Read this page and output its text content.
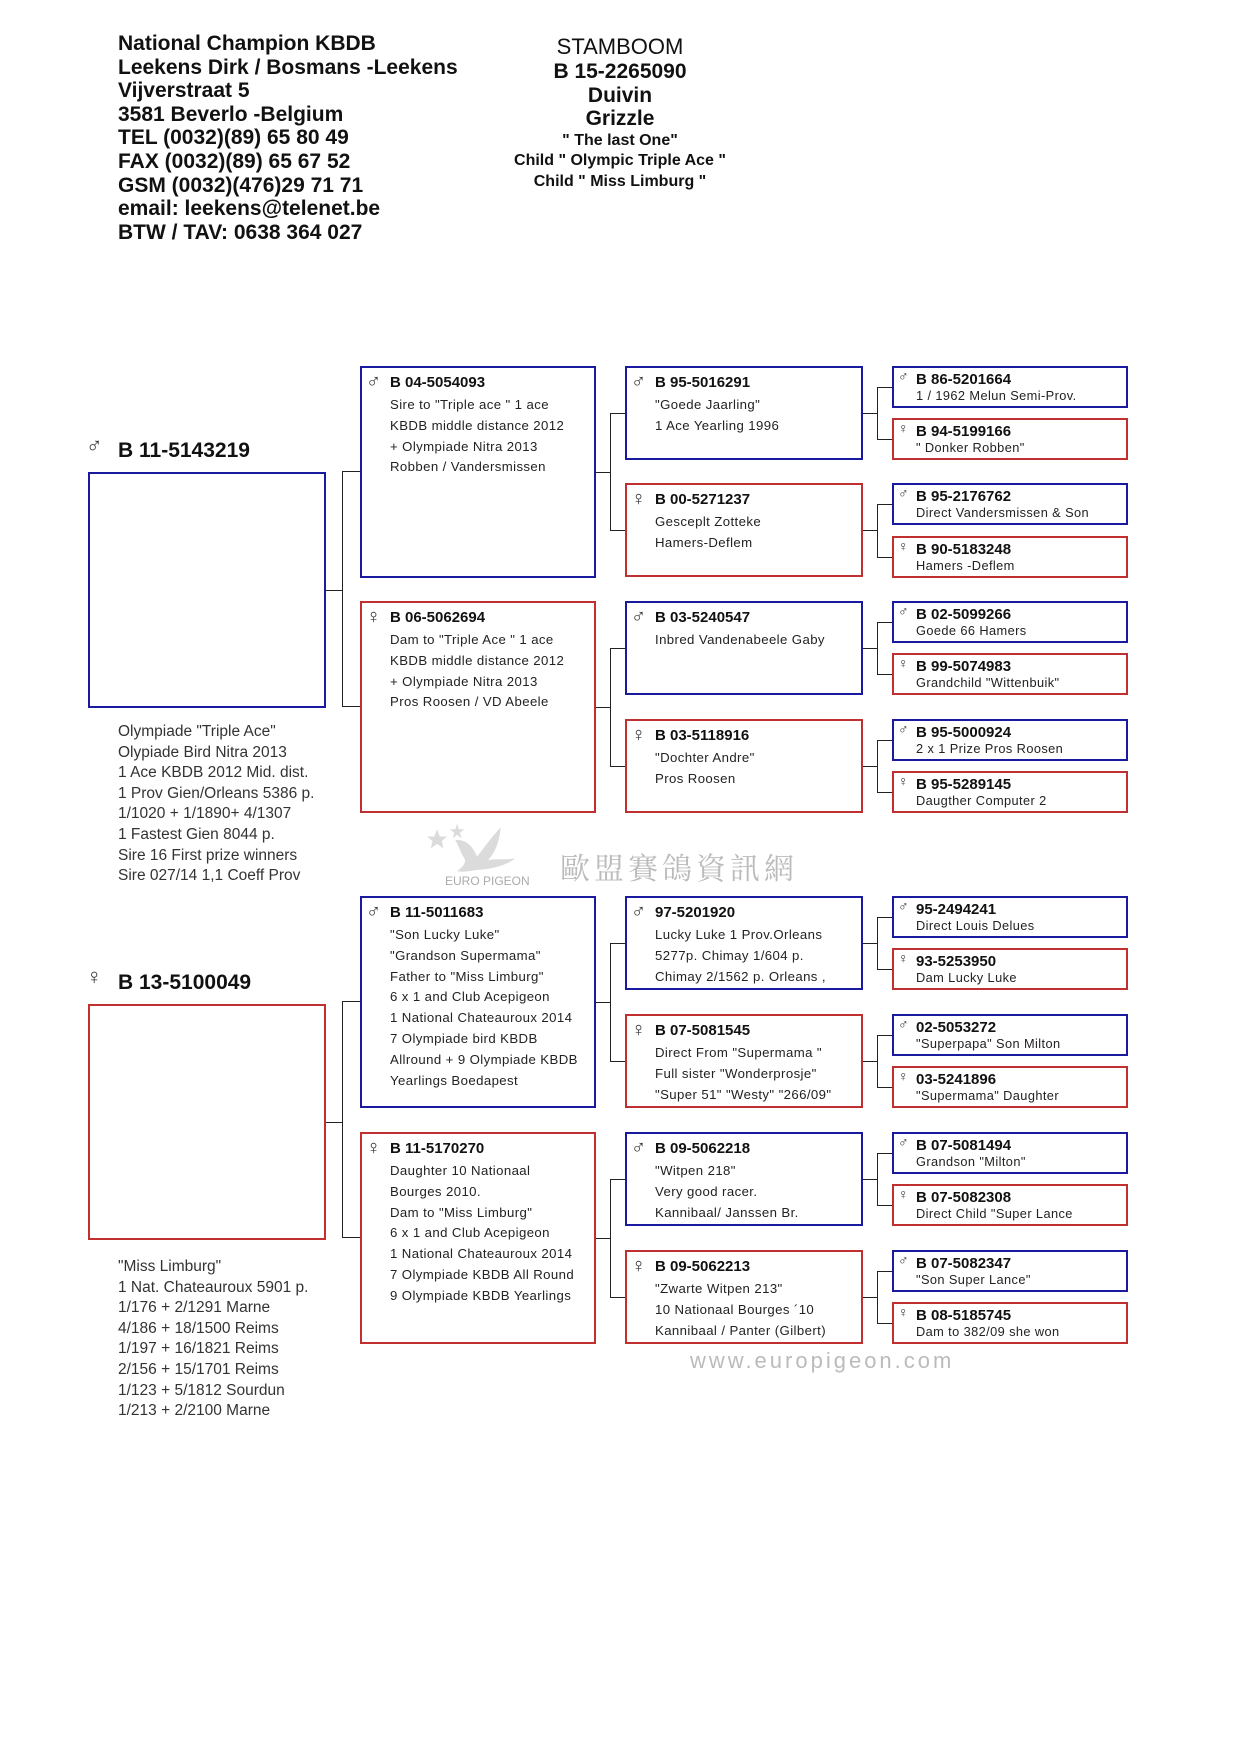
National Champion KBDB
Leekens Dirk / Bosmans -Leekens
Vijverstraat 5
3581 Beverlo -Belgium
TEL (0032)(89) 65 80 49
FAX (0032)(89) 65 67 52
GSM (0032)(476)29 71 71
email: leekens@telenet.be
BTW / TAV: 0638 364 027
STAMBOOM
B 15-2265090
Duivin
Grizzle
" The last One"
Child " Olympic Triple Ace "
Child " Miss Limburg "
♂ B 11-5143219
Olympiade "Triple Ace"
Olypiade Bird Nitra 2013
1 Ace KBDB 2012 Mid. dist.
1 Prov Gien/Orleans 5386 p.
1/1020 + 1/1890+ 4/1307
1 Fastest Gien 8044 p.
Sire 16 First prize winners
Sire 027/14 1,1 Coeff Prov
♀ B 13-5100049
"Miss Limburg"
1 Nat. Chateauroux 5901 p.
1/176 + 2/1291 Marne
4/186 + 18/1500 Reims
1/197 + 16/1821 Reims
2/156 + 15/1701 Reims
1/123 + 5/1812 Sourdun
1/213 + 2/2100 Marne
♂ B 04-5054093
Sire to "Triple ace " 1 ace
KBDB middle distance 2012
+ Olympiade Nitra 2013
Robben / Vandersmissen
♀ B 06-5062694
Dam to "Triple Ace " 1 ace
KBDB middle distance 2012
+ Olympiade Nitra 2013
Pros Roosen / VD Abeele
♂ B 11-5011683
"Son Lucky Luke"
"Grandson Supermama"
Father to "Miss Limburg"
6 x 1 and Club Acepigeon
1 National Chateauroux 2014
7 Olympiade bird KBDB
Allround + 9 Olympiade KBDB
Yearlings Boedapest
♀ B 11-5170270
Daughter 10 Nationaal
Bourges 2010.
Dam to "Miss Limburg"
6 x 1 and Club Acepigeon
1 National Chateauroux 2014
7 Olympiade KBDB All Round
9 Olympiade KBDB Yearlings
♂ B 95-5016291
"Goede Jaarling"
1 Ace Yearling 1996
♀ B 00-5271237
Gesceplt Zotteke
Hamers-Deflem
♂ B 03-5240547
Inbred Vandenabeele Gaby
♀ B 03-5118916
"Dochter Andre"
Pros Roosen
♂ 97-5201920
Lucky Luke 1 Prov.Orleans
5277p. Chimay 1/604 p.
Chimay 2/1562 p. Orleans ,
♀ B 07-5081545
Direct From "Supermama "
Full sister "Wonderprosje"
"Super 51" "Westy" "266/09"
♂ B 09-5062218
"Witpen 218"
Very good racer.
Kannibaal/ Janssen Br.
♀ B 09-5062213
"Zwarte Witpen 213"
10 Nationaal Bourges ´10
Kannibaal / Panter (Gilbert)
♂ B 86-5201664
1 / 1962 Melun Semi-Prov.
♀ B 94-5199166
" Donker Robben"
♂ B 95-2176762
Direct Vandersmissen & Son
♀ B 90-5183248
Hamers -Deflem
♂ B 02-5099266
Goede 66 Hamers
♀ B 99-5074983
Grandchild "Wittenbuik"
♂ B 95-5000924
2 x 1 Prize Pros Roosen
♀ B 95-5289145
Daugther Computer 2
♂ 95-2494241
Direct Louis Delues
♀ 93-5253950
Dam Lucky Luke
♂ 02-5053272
"Superpapa" Son Milton
♀ 03-5241896
"Supermama" Daughter
♂ B 07-5081494
Grandson "Milton"
♀ B 07-5082308
Direct Child "Super Lance
♂ B 07-5082347
"Son Super Lance"
♀ B 08-5185745
Dam to 382/09 she won
EURO PIGEON 歐盟賽鴿資訊網
www.europigeon.com
